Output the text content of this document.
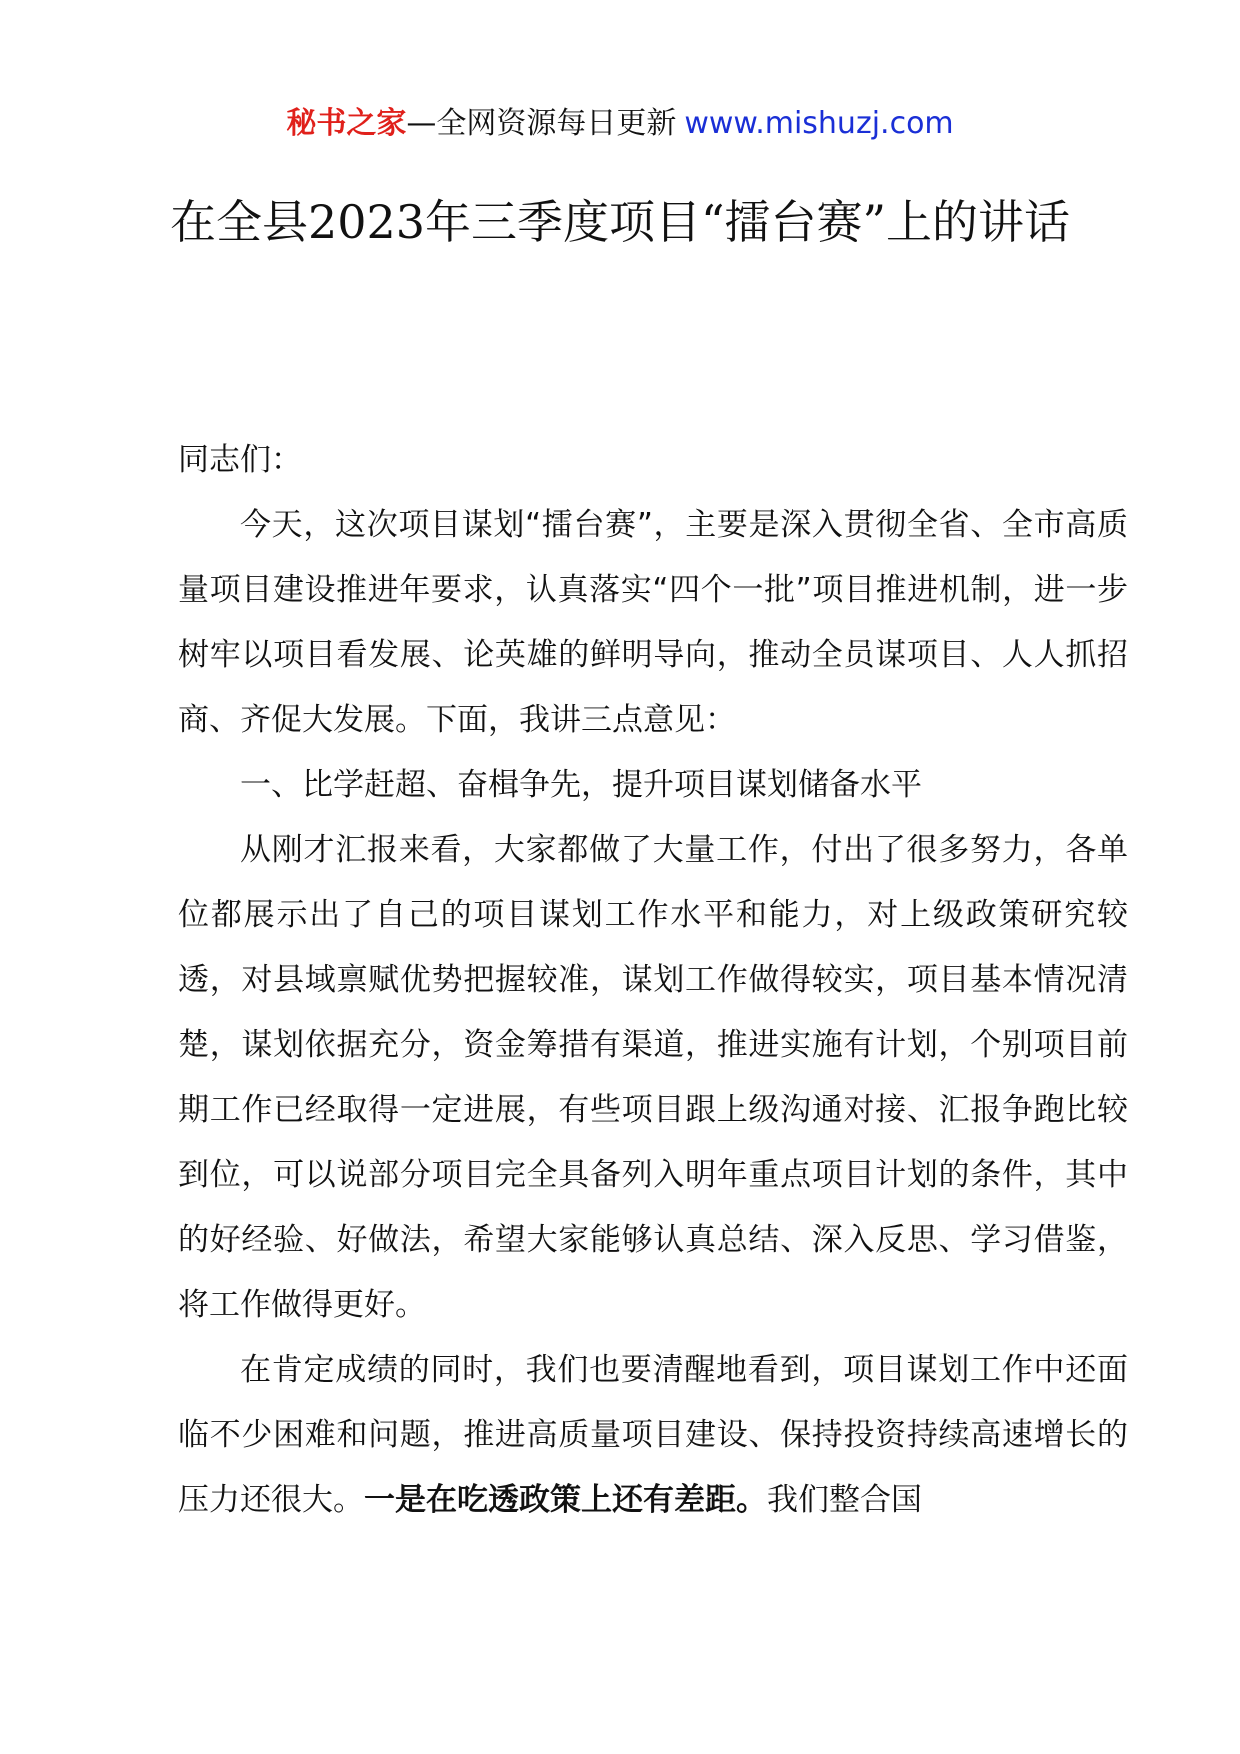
秘书之家—全网资源每日更新 www.mishuzj.com
在全县2023年三季度项目“擂台赛”上的讲话

同志们：

今天，这次项目谋划“擂台赛”，主要是深入贯彻全省、全市高质量项目建设推进年要求，认真落实“四个一批”项目推进机制，进一步树牢以项目看发展、论英雄的鲜明导向，推动全员谋项目、人人抓招商、齐促大发展。下面，我讲三点意见：

一、比学赶超、奋楫争先，提升项目谋划储备水平

从刚才汇报来看，大家都做了大量工作，付出了很多努力，各单位都展示出了自己的项目谋划工作水平和能力，对上级政策研究较透，对县域禀赋优势把握较准，谋划工作做得较实，项目基本情况清楚，谋划依据充分，资金筹措有渠道，推进实施有计划，个别项目前期工作已经取得一定进展，有些项目跟上级沟通对接、汇报争跑比较到位，可以说部分项目完全具备列入明年重点项目计划的条件，其中的好经验、好做法，希望大家能够认真总结、深入反思、学习借鉴，将工作做得更好。

在肯定成绩的同时，我们也要清醒地看到，项目谋划工作中还面临不少困难和问题，推进高质量项目建设、保持投资持续高速增长的压力还很大。一是在吃透政策上还有差距。我们整合国
